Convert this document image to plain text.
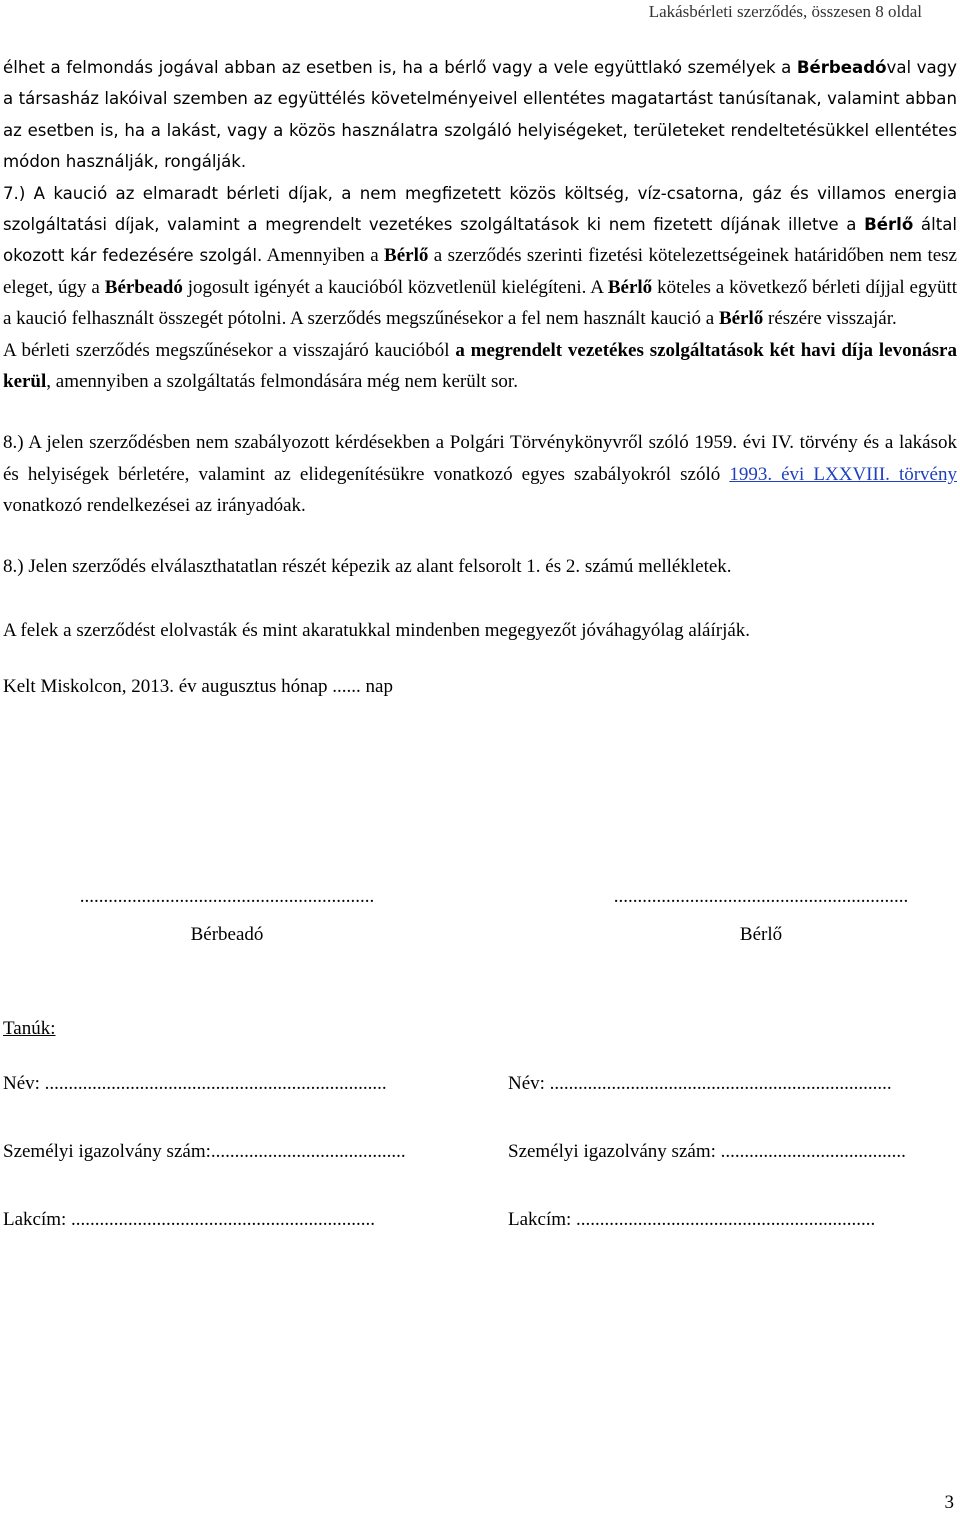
Lakásbérleti szerződés, összesen 8 oldal

élhet a felmondás jogával abban az esetben is, ha a bérlő vagy a vele együttlakó személyek a Bérbeadóval vagy a társasház lakóival szemben az együttélés követelményeivel ellentétes magatartást tanúsítanak, valamint abban az esetben is, ha a lakást, vagy a közös használatra szolgáló helyiségeket, területeket rendeltetésükkel ellentétes módon használják, rongálják.

7.) A kaució az elmaradt bérleti díjak, a nem megfizetett közös költség, víz-csatorna, gáz és villamos energia szolgáltatási díjak, valamint a megrendelt vezetékes szolgáltatások ki nem fizetett díjának illetve a Bérlő által okozott kár fedezésére szolgál. Amennyiben a Bérlő a szerződés szerinti fizetési kötelezettségeinek határidőben nem tesz eleget, úgy a Bérbeadó jogosult igényét a kaucióból közvetlenül kielégíteni. A Bérlő köteles a következő bérleti díjjal együtt a kaució felhasznált összegét pótolni. A szerződés megszűnésekor a fel nem használt kaució a Bérlő részére visszajár.

A bérleti szerződés megszűnésekor a visszajáró kaucióból a megrendelt vezetékes szolgáltatások két havi díja levonásra kerül, amennyiben a szolgáltatás felmondására még nem került sor.

8.) A jelen szerződésben nem szabályozott kérdésekben a Polgári Törvénykönyvről szóló 1959. évi IV. törvény és a lakások és helyiségek bérletére, valamint az elidegenítésükre vonatkozó egyes szabályokról szóló 1993. évi LXXVIII. törvény vonatkozó rendelkezései az irányadóak.

8.) Jelen szerződés elválaszthatatlan részét képezik az alant felsorolt 1. és 2. számú mellékletek.

A felek a szerződést elolvasták és mint akaratukkal mindenben megegyezőt jóváhagyólag aláírják.

Kelt Miskolcon, 2013. év augusztus hónap ...... nap

..............................................................
Bérbeadó
..............................................................
Bérlő
Tanúk:
Név: ........................................................................	Név: ........................................................................
Személyi igazolvány szám:.........................................	Személyi igazolvány szám: .......................................
Lakcím: ................................................................	Lakcím: ...............................................................
3
